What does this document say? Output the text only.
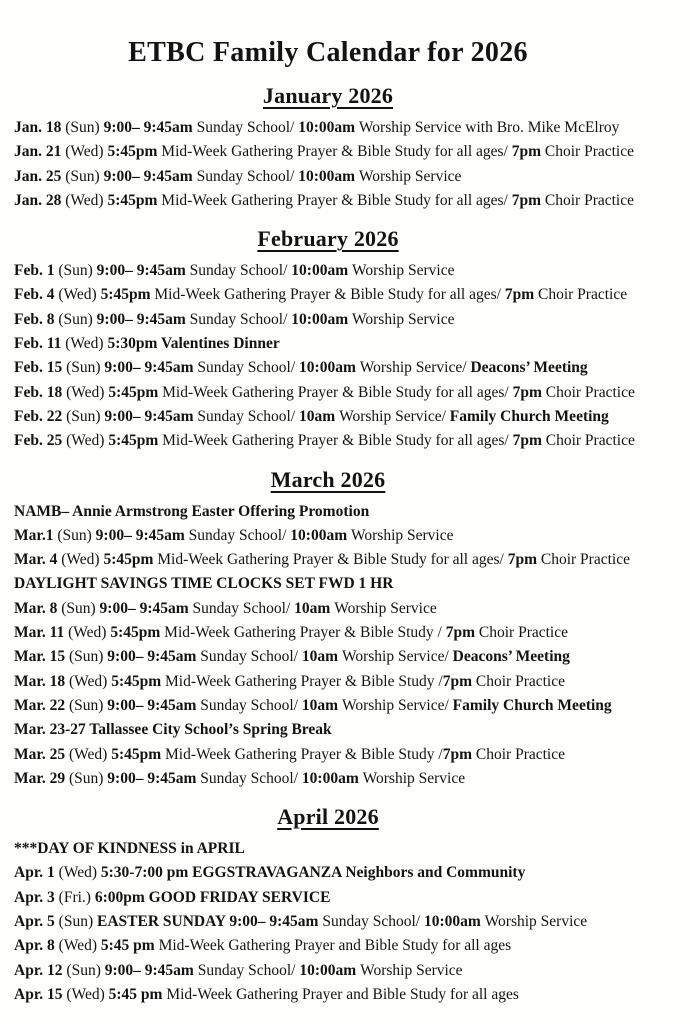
ETBC Family Calendar for 2026
January 2026

Jan. 18 (Sun) 9:00– 9:45am Sunday School/ 10:00am Worship Service with Bro. Mike McElroy

Jan. 21 (Wed) 5:45pm Mid-Week Gathering Prayer & Bible Study for all ages/ 7pm Choir Practice

Jan. 25 (Sun) 9:00– 9:45am Sunday School/ 10:00am Worship Service

Jan. 28 (Wed) 5:45pm Mid-Week Gathering Prayer & Bible Study for all ages/ 7pm Choir Practice

February 2026

Feb. 1 (Sun) 9:00– 9:45am Sunday School/ 10:00am Worship Service

Feb. 4 (Wed) 5:45pm Mid-Week Gathering Prayer & Bible Study for all ages/ 7pm Choir Practice

Feb. 8 (Sun) 9:00– 9:45am Sunday School/ 10:00am Worship Service

Feb. 11 (Wed) 5:30pm Valentines Dinner

Feb. 15 (Sun) 9:00– 9:45am Sunday School/ 10:00am Worship Service/ Deacons’ Meeting

Feb. 18 (Wed) 5:45pm Mid-Week Gathering Prayer & Bible Study for all ages/ 7pm Choir Practice

Feb. 22 (Sun) 9:00– 9:45am Sunday School/ 10am Worship Service/ Family Church Meeting

Feb. 25 (Wed) 5:45pm Mid-Week Gathering Prayer & Bible Study for all ages/ 7pm Choir Practice

March 2026

NAMB– Annie Armstrong Easter Offering Promotion

Mar.1 (Sun) 9:00– 9:45am Sunday School/ 10:00am Worship Service

Mar. 4 (Wed) 5:45pm Mid-Week Gathering Prayer & Bible Study for all ages/ 7pm Choir Practice

DAYLIGHT SAVINGS TIME CLOCKS SET FWD 1 HR

Mar. 8 (Sun) 9:00– 9:45am Sunday School/ 10am Worship Service

Mar. 11 (Wed) 5:45pm Mid-Week Gathering Prayer & Bible Study / 7pm Choir Practice

Mar. 15 (Sun) 9:00– 9:45am Sunday School/ 10am Worship Service/ Deacons’ Meeting

Mar. 18 (Wed) 5:45pm Mid-Week Gathering Prayer & Bible Study /7pm Choir Practice

Mar. 22 (Sun) 9:00– 9:45am Sunday School/ 10am Worship Service/ Family Church Meeting

Mar. 23-27 Tallassee City School’s Spring Break

Mar. 25 (Wed) 5:45pm Mid-Week Gathering Prayer & Bible Study /7pm Choir Practice

Mar. 29 (Sun) 9:00– 9:45am Sunday School/ 10:00am Worship Service

April 2026

***DAY OF KINDNESS in APRIL

Apr. 1 (Wed) 5:30-7:00 pm EGGSTRAVAGANZA Neighbors and Community

Apr. 3 (Fri.) 6:00pm GOOD FRIDAY SERVICE

Apr. 5 (Sun) EASTER SUNDAY 9:00– 9:45am Sunday School/ 10:00am Worship Service

Apr. 8 (Wed) 5:45 pm Mid-Week Gathering Prayer and Bible Study for all ages

Apr. 12 (Sun) 9:00– 9:45am Sunday School/ 10:00am Worship Service

Apr. 15 (Wed) 5:45 pm Mid-Week Gathering Prayer and Bible Study for all ages
